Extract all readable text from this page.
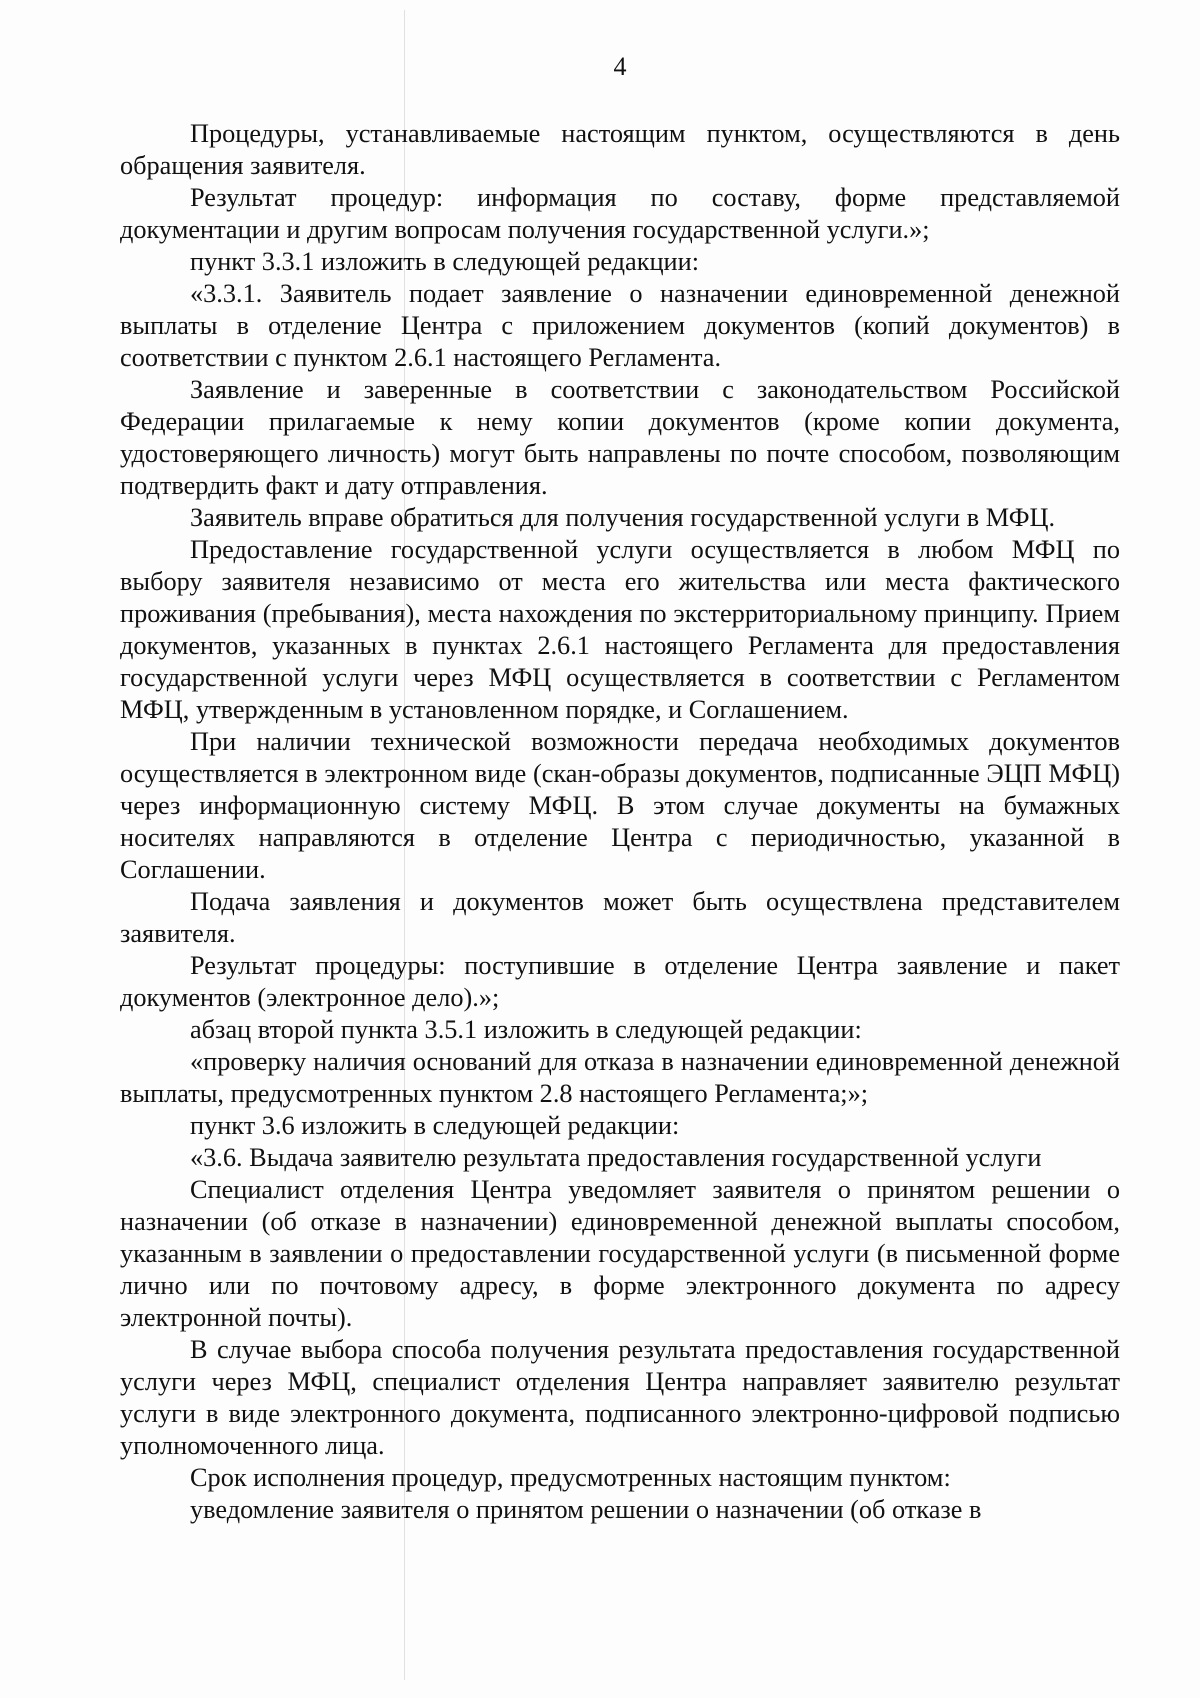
4

Процедуры, устанавливаемые настоящим пунктом, осуществляются в день обращения заявителя.

Результат процедур: информация по составу, форме представляемой документации и другим вопросам получения государственной услуги.»;

пункт 3.3.1 изложить в следующей редакции:

«3.3.1. Заявитель подает заявление о назначении единовременной денежной выплаты в отделение Центра с приложением документов (копий документов) в соответствии с пунктом 2.6.1 настоящего Регламента.

Заявление и заверенные в соответствии с законодательством Российской Федерации прилагаемые к нему копии документов (кроме копии документа, удостоверяющего личность) могут быть направлены по почте способом, позволяющим подтвердить факт и дату отправления.

Заявитель вправе обратиться для получения государственной услуги в МФЦ.

Предоставление государственной услуги осуществляется в любом МФЦ по выбору заявителя независимо от места его жительства или места фактического проживания (пребывания), места нахождения по экстерриториальному принципу. Прием документов, указанных в пунктах 2.6.1 настоящего Регламента для предоставления государственной услуги через МФЦ осуществляется в соответствии с Регламентом МФЦ, утвержденным в установленном порядке, и Соглашением.

При наличии технической возможности передача необходимых документов осуществляется в электронном виде (скан-образы документов, подписанные ЭЦП МФЦ) через информационную систему МФЦ. В этом случае документы на бумажных носителях направляются в отделение Центра с периодичностью, указанной в Соглашении.

Подача заявления и документов может быть осуществлена представителем заявителя.

Результат процедуры: поступившие в отделение Центра заявление и пакет документов (электронное дело).»;

абзац второй пункта 3.5.1 изложить в следующей редакции:

«проверку наличия оснований для отказа в назначении единовременной денежной выплаты, предусмотренных пунктом 2.8 настоящего Регламента;»;

пункт 3.6 изложить в следующей редакции:

«3.6. Выдача заявителю результата предоставления государственной услуги

Специалист отделения Центра уведомляет заявителя о принятом решении о назначении (об отказе в назначении) единовременной денежной выплаты способом, указанным в заявлении о предоставлении государственной услуги (в письменной форме лично или по почтовому адресу, в форме электронного документа по адресу электронной почты).

В случае выбора способа получения результата предоставления государственной услуги через МФЦ, специалист отделения Центра направляет заявителю результат услуги в виде электронного документа, подписанного электронно-цифровой подписью уполномоченного лица.

Срок исполнения процедур, предусмотренных настоящим пунктом:

уведомление заявителя о принятом решении о назначении (об отказе в
